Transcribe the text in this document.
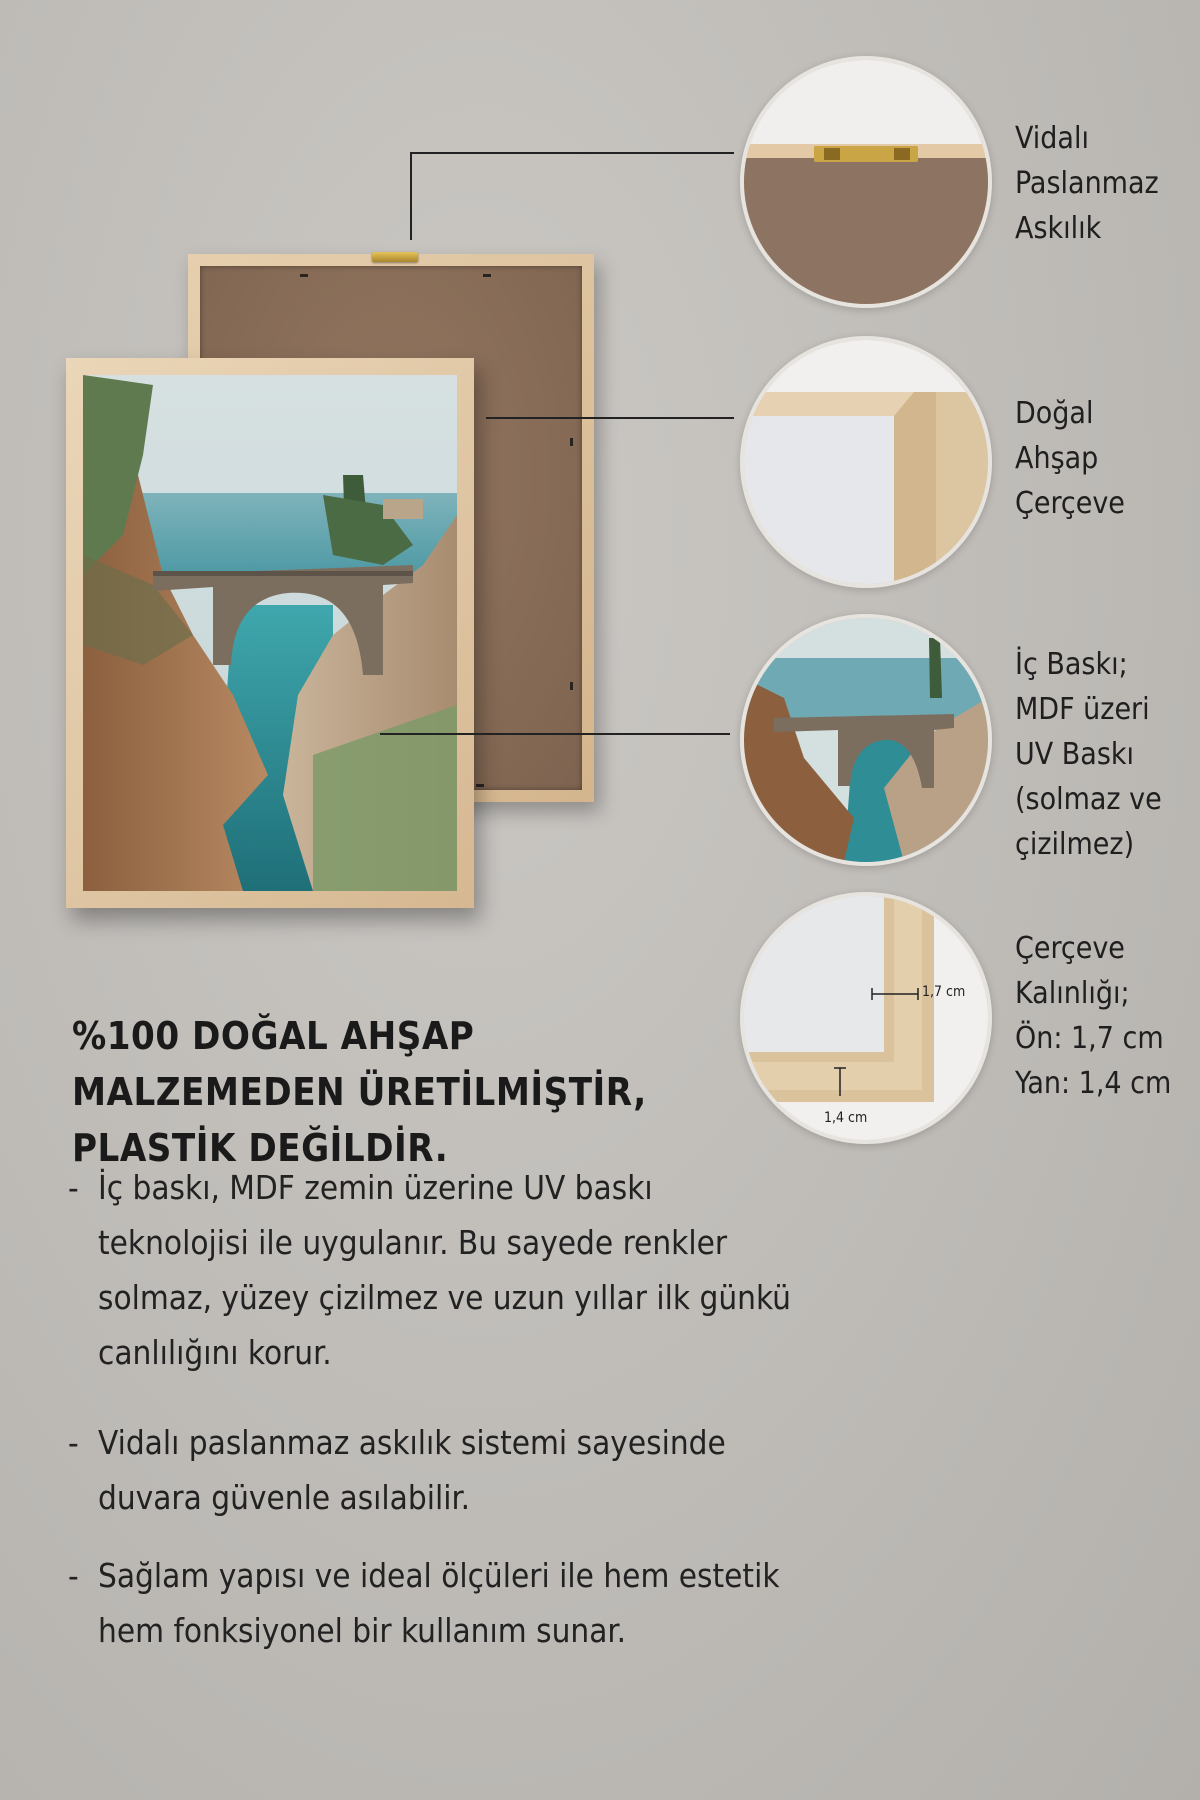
1,7 cm
1,4 cm
Vidalı
Paslanmaz
Askılık
Doğal
Ahşap
Çerçeve
İç Baskı;
MDF üzeri
UV Baskı
(solmaz ve
çizilmez)
Çerçeve
Kalınlığı;
Ön: 1,7 cm
Yan: 1,4 cm
%100 DOĞAL AHŞAP MALZEMEDEN ÜRETİLMİŞTİR, PLASTİK DEĞİLDİR.
- İç baskı, MDF zemin üzerine UV baskı teknolojisi ile uygulanır. Bu sayede renkler solmaz, yüzey çizilmez ve uzun yıllar ilk günkü canlılığını korur.
- Vidalı paslanmaz askılık sistemi sayesinde duvara güvenle asılabilir.
- Sağlam yapısı ve ideal ölçüleri ile hem estetik hem fonksiyonel bir kullanım sunar.
